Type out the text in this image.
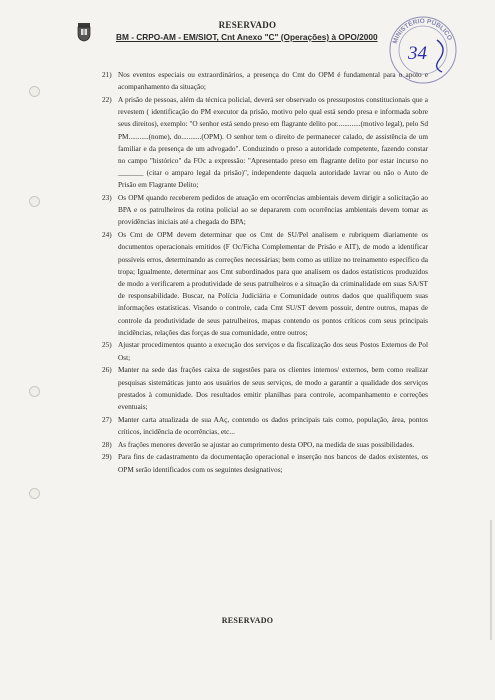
RESERVADO
BM - CRPO-AM - EM/SIOT, Cnt Anexo "C" (Operações) à OPO/2000 MINISTÉRIO PÚBLICO
34
21) Nos eventos especiais ou extraordinários, a presença do Cmt do OPM é fundamental para o apoio e acompanhamento da situação;
22) A prisão de pessoas, além da técnica policial, deverá ser observado os pressupostos constitucionais que a revestem ( identificação do PM executor da prisão, motivo pelo qual está sendo presa e informada sobre seus direitos), exemplo: "O senhor está sendo preso em flagrante delito por.............(motivo legal), pelo Sd PM...........(nome), do...........(OPM). O senhor tem o direito de permanecer calado, de assistência de um familiar e da presença de um advogado". Conduzindo o preso a autoridade competente, fazendo constar no campo "histórico" da FOc a expressão: "Apresentado preso em flagrante delito por estar incurso no _______ (citar o amparo legal da prisão)", independente daquela autoridade lavrar ou não o Auto de Prisão em Flagrante Delito;
23) Os OPM quando receberem pedidos de atuação em ocorrências ambientais devem dirigir a solicitação ao BPA e os patrulheiros da rotina policial ao se depararem com ocorrências ambientais devem tomar as providências iniciais até a chegada do BPA;
24) Os Cmt de OPM devem determinar que os Cmt de SU/Pel analisem e rubriquem diariamente os documentos operacionais emitidos (F Oc/Ficha Complementar de Prisão e AIT), de modo a identificar possíveis erros, determinando as correções necessárias; bem como as utilize no treinamento específico da tropa; Igualmente, determinar aos Cmt subordinados para que analisem os dados estatísticos produzidos de modo a verificarem a produtividade de seus patrulheiros e a situação da criminalidade em suas SA/ST de responsabilidade. Buscar, na Polícia Judiciária e Comunidade outros dados que qualifiquem suas informações estatísticas. Visando o controle, cada Cmt SU/ST devem possuir, dentre outros, mapas de controle da produtividade de seus patrulheiros, mapas contendo os pontos críticos com seus principais incidências, relações das forças de sua comunidade, entre outros;
25) Ajustar procedimentos quanto a execução dos serviços e da fiscalização dos seus Postos Externos de Pol Ost;
26) Manter na sede das frações caixa de sugestões para os clientes internos/ externos, bem como realizar pesquisas sistemáticas junto aos usuários de seus serviços, de modo a garantir a qualidade dos serviços prestados à comunidade. Dos resultados emitir planilhas para controle, acompanhamento e correções eventuais;
27) Manter carta atualizada de sua AAç, contendo os dados principais tais como, população, área, pontos críticos, incidência de ocorrências, etc...
28) As frações menores deverão se ajustar ao cumprimento desta OPO, na medida de suas possibilidades.
29) Para fins de cadastramento da documentação operacional e inserção nos bancos de dados existentes, os OPM serão identificados com os seguintes designativos;
RESERVADO
